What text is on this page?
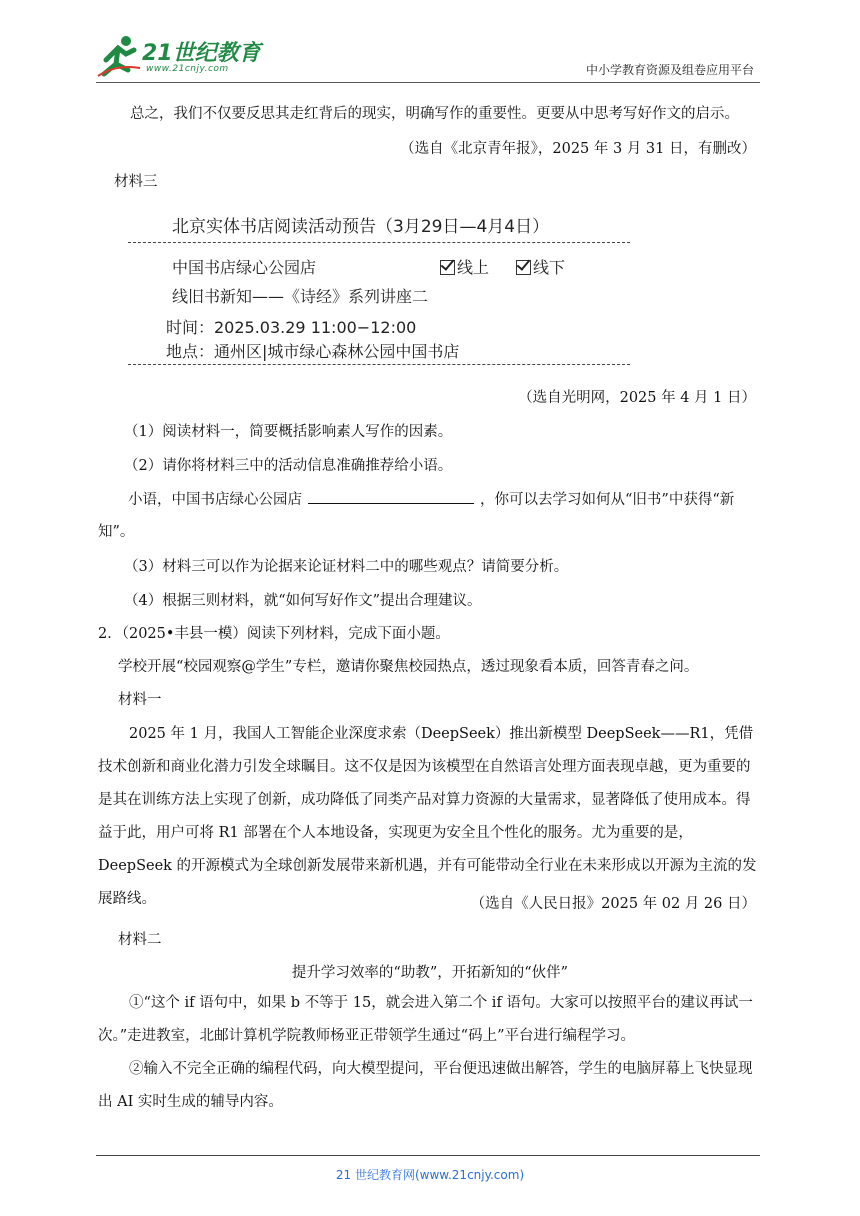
21世纪教育
www.21cnjy.com	中小学教育资源及组卷应用平台
总之，我们不仅要反思其走红背后的现实，明确写作的重要性。更要从中思考写好作文的启示。
（选自《北京青年报》，2025 年 3 月 31 日，有删改）
材料三
北京实体书店阅读活动预告（3月29日—4月4日）
中国书店绿心公园店	线上	线下
线旧书新知——《诗经》系列讲座二
时间：2025.03.29 11:00−12:00
地点：通州区|城市绿心森林公园中国书店
（选自光明网，2025 年 4 月 1 日）
（1）阅读材料一，简要概括影响素人写作的因素。
（2）请你将材料三中的活动信息准确推荐给小语。
小语，中国书店绿心公园店	，你可以去学习如何从“旧书”中获得“新
知”。
（3）材料三可以作为论据来论证材料二中的哪些观点？请简要分析。
（4）根据三则材料，就“如何写好作文”提出合理建议。
2．（2025•丰县一模）阅读下列材料，完成下面小题。
学校开展“校园观察@学生”专栏，邀请你聚焦校园热点，透过现象看本质，回答青春之问。
材料一
2025 年 1 月，我国人工智能企业深度求索（DeepSeek）推出新模型 DeepSeek——R1，凭借技术创新和商业化潜力引发全球瞩目。这不仅是因为该模型在自然语言处理方面表现卓越，更为重要的是其在训练方法上实现了创新，成功降低了同类产品对算力资源的大量需求，显著降低了使用成本。得益于此，用户可将 R1 部署在个人本地设备，实现更为安全且个性化的服务。尤为重要的是，DeepSeek 的开源模式为全球创新发展带来新机遇，并有可能带动全行业在未来形成以开源为主流的发展路线。	（选自《人民日报》2025 年 02 月 26 日）
材料二
提升学习效率的“助教”，开拓新知的“伙伴”
①“这个 if 语句中，如果 b 不等于 15，就会进入第二个 if 语句。大家可以按照平台的建议再试一次。”走进教室，北邮计算机学院教师杨亚正带领学生通过“码上”平台进行编程学习。
②输入不完全正确的编程代码，向大模型提问，平台便迅速做出解答，学生的电脑屏幕上飞快显现出 AI 实时生成的辅导内容。
21 世纪教育网(www.21cnjy.com)
